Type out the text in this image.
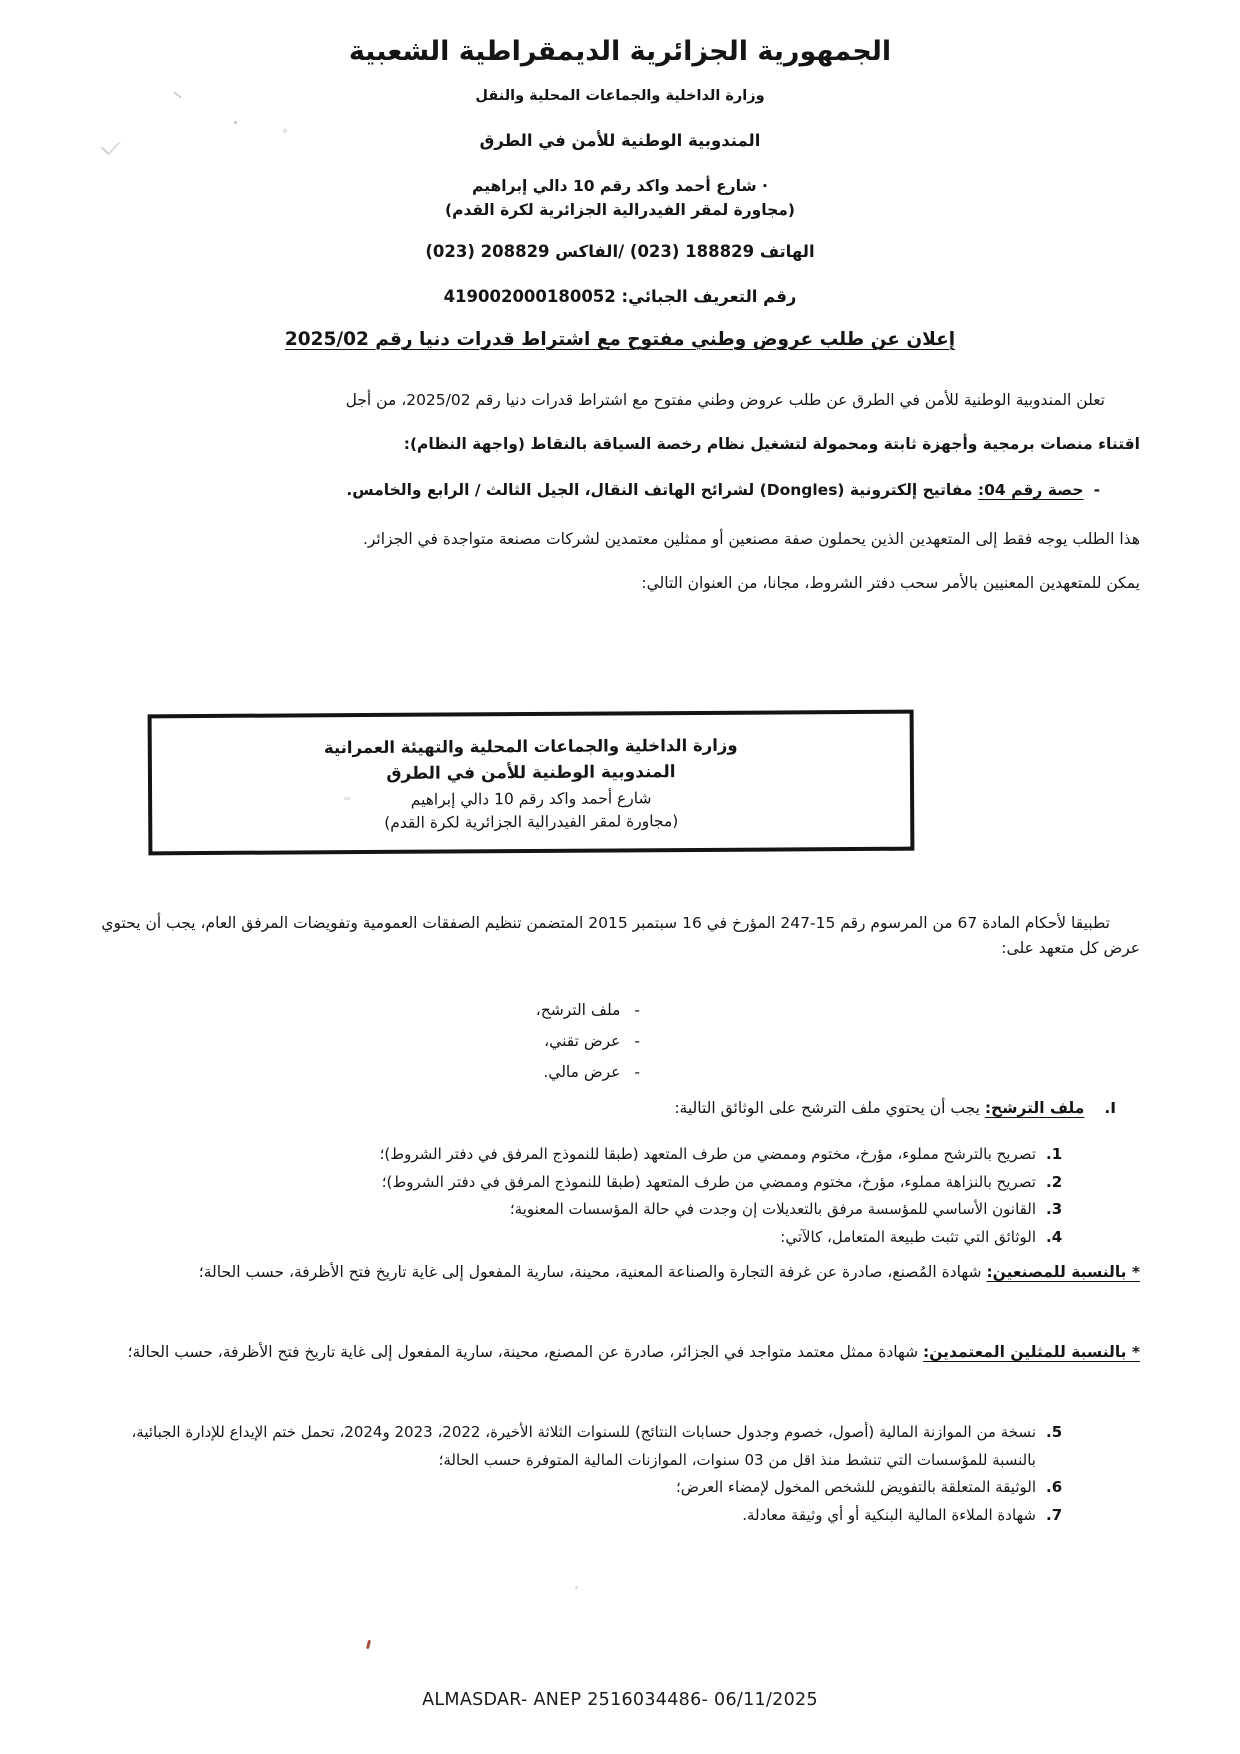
الجمهورية الجزائرية الديمقراطية الشعبية
وزارة الداخلية والجماعات المحلية والنقل
المندوبية الوطنية للأمن في الطرق
· شارع أحمد واكد رقم 10 دالي إبراهيم
(مجاورة لمقر الفيدرالية الجزائرية لكرة القدم)
الهاتف 188829 (023) /الفاكس 208829 (023)
رقم التعريف الجبائي: 419002000180052
إعلان عن طلب عروض وطني مفتوح مع اشتراط قدرات دنيا رقم 2025/02
تعلن المندوبية الوطنية للأمن في الطرق عن طلب عروض وطني مفتوح مع اشتراط قدرات دنيا رقم 2025/02، من أجل
اقتناء منصات برمجية وأجهزة ثابتة ومحمولة لتشغيل نظام رخصة السياقة بالنقاط (واجهة النظام):
-
حصة رقم 04: مفاتيح إلكترونية (Dongles) لشرائح الهاتف النقال، الجيل الثالث / الرابع والخامس.
هذا الطلب يوجه فقط إلى المتعهدين الذين يحملون صفة مصنعين أو ممثلين معتمدين لشركات مصنعة متواجدة في الجزائر.
يمكن للمتعهدين المعنيين بالأمر سحب دفتر الشروط، مجانا، من العنوان التالي:
وزارة الداخلية والجماعات المحلية والتهيئة العمرانية
المندوبية الوطنية للأمن في الطرق
شارع أحمد واكد رقم 10 دالي إبراهيم
(مجاورة لمقر الفيدرالية الجزائرية لكرة القدم)
تطبيقا لأحكام المادة 67 من المرسوم رقم 15-247 المؤرخ في 16 سبتمبر 2015 المتضمن تنظيم الصفقات العمومية وتفويضات المرفق العام، يجب أن يحتوي عرض كل متعهد على:
-
ملف الترشح،
-
عرض تقني،
-
عرض مالي.
I.
ملف الترشح: يجب أن يحتوي ملف الترشح على الوثائق التالية:
1.
تصريح بالترشح مملوء، مؤرخ، مختوم وممضي من طرف المتعهد (طبقا للنموذج المرفق في دفتر الشروط)؛
2.
تصريح بالنزاهة مملوء، مؤرخ، مختوم وممضي من طرف المتعهد (طبقا للنموذج المرفق في دفتر الشروط)؛
3.
القانون الأساسي للمؤسسة مرفق بالتعديلات إن وجدت في حالة المؤسسات المعنوية؛
4.
الوثائق التي تثبت طبيعة المتعامل، كالآتي:
* بالنسبة للمصنعين: شهادة المُصنع، صادرة عن غرفة التجارة والصناعة المعنية، محينة، سارية المفعول إلى غاية تاريخ فتح الأظرفة، حسب الحالة؛
* بالنسبة للمثلين المعتمدين: شهادة ممثل معتمد متواجد في الجزائر، صادرة عن المصنع، محينة، سارية المفعول إلى غاية تاريخ فتح الأظرفة، حسب الحالة؛
5.
نسخة من الموازنة المالية (أصول، خصوم وجدول حسابات النتائج) للسنوات الثلاثة الأخيرة، 2022، 2023 و2024، تحمل ختم الإيداع للإدارة الجبائية، بالنسبة للمؤسسات التي تنشط منذ اقل من 03 سنوات، الموازنات المالية المتوفرة حسب الحالة؛
6.
الوثيقة المتعلقة بالتفويض للشخص المخول لإمضاء العرض؛
7.
شهادة الملاءة المالية البنكية أو أي وثيقة معادلة.
ALMASDAR- ANEP 2516034486- 06/11/2025
